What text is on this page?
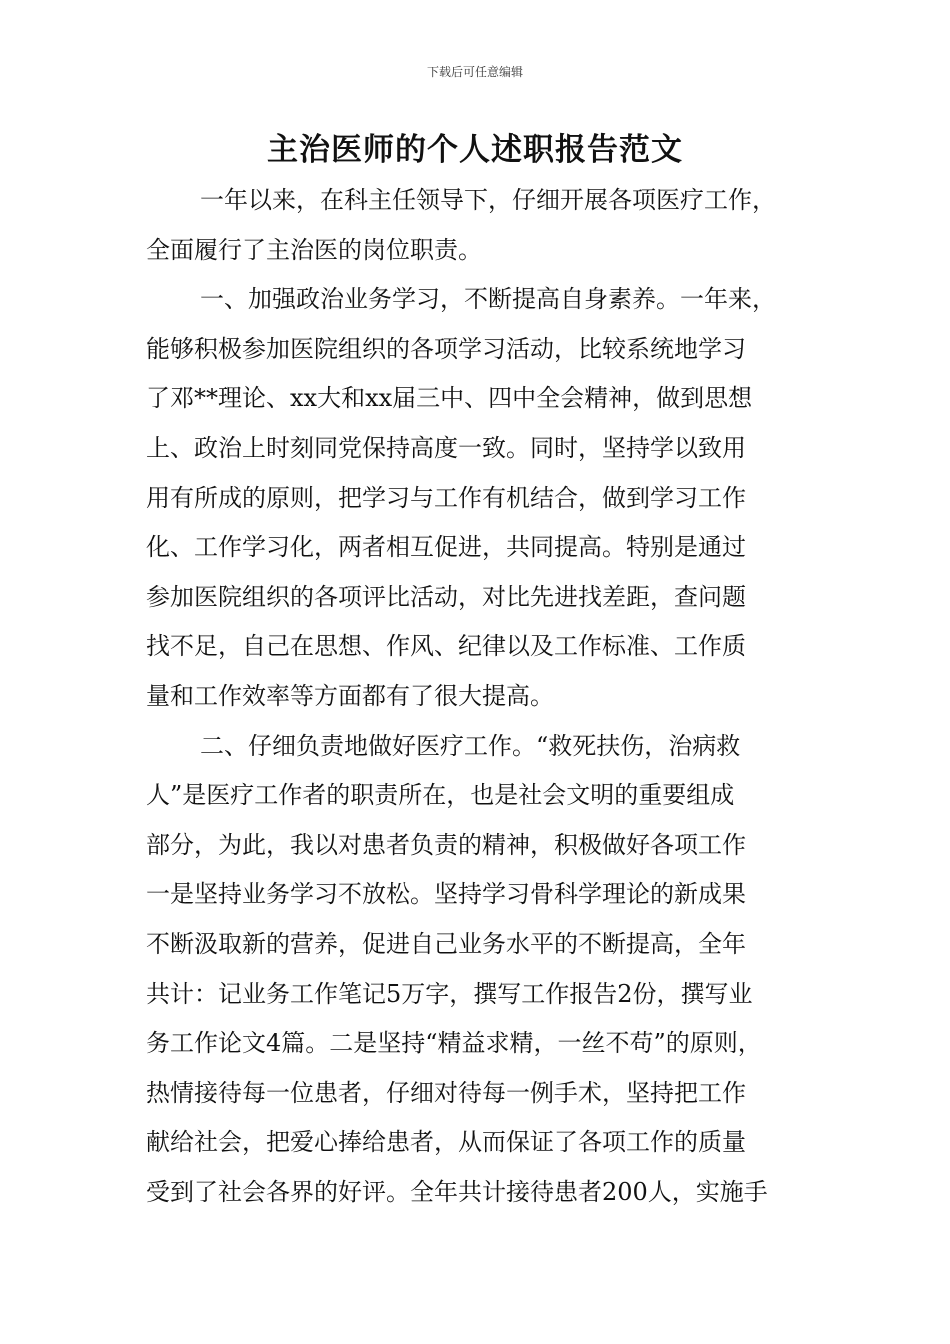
下载后可任意编辑
主治医师的个人述职报告范文
一年以来，在科主任领导下，仔细开展各项医疗工作，
全面履行了主治医的岗位职责。
一、加强政治业务学习，不断提高自身素养。一年来，
能够积极参加医院组织的各项学习活动，比较系统地学习
了邓**理论、xx大和xx届三中、四中全会精神，做到思想
上、政治上时刻同党保持高度一致。同时，坚持学以致用
用有所成的原则，把学习与工作有机结合，做到学习工作
化、工作学习化，两者相互促进，共同提高。特别是通过
参加医院组织的各项评比活动，对比先进找差距，查问题
找不足，自己在思想、作风、纪律以及工作标准、工作质
量和工作效率等方面都有了很大提高。
二、仔细负责地做好医疗工作。“救死扶伤，治病救
人”是医疗工作者的职责所在，也是社会文明的重要组成
部分，为此，我以对患者负责的精神，积极做好各项工作
一是坚持业务学习不放松。坚持学习骨科学理论的新成果
不断汲取新的营养，促进自己业务水平的不断提高，全年
共计：记业务工作笔记5万字，撰写工作报告2份，撰写业
务工作论文4篇。二是坚持“精益求精，一丝不苟”的原则，
热情接待每一位患者，仔细对待每一例手术，坚持把工作
献给社会，把爱心捧给患者，从而保证了各项工作的质量
受到了社会各界的好评。全年共计接待患者200人，实施手
